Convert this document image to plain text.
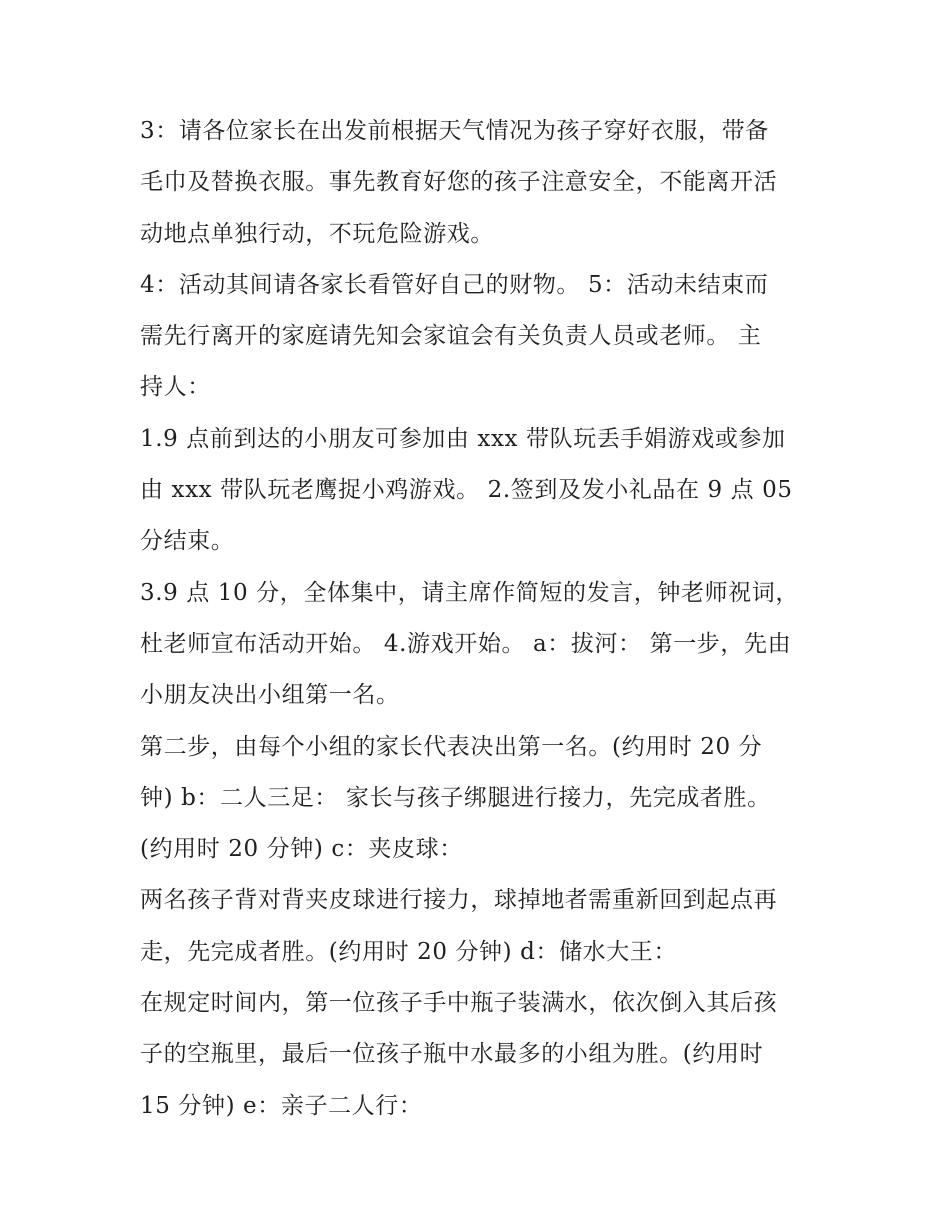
3：请各位家长在出发前根据天气情况为孩子穿好衣服，带备
毛巾及替换衣服。事先教育好您的孩子注意安全，不能离开活
动地点单独行动，不玩危险游戏。
4：活动其间请各家长看管好自己的财物。 5：活动未结束而
需先行离开的家庭请先知会家谊会有关负责人员或老师。 主
持人：
1.9 点前到达的小朋友可参加由 xxx 带队玩丢手娟游戏或参加
由 xxx 带队玩老鹰捉小鸡游戏。 2.签到及发小礼品在 9 点 05
分结束。
3.9 点 10 分，全体集中，请主席作简短的发言，钟老师祝词，
杜老师宣布活动开始。 4.游戏开始。 a：拔河： 第一步，先由
小朋友决出小组第一名。
第二步，由每个小组的家长代表决出第一名。(约用时 20 分
钟) b：二人三足： 家长与孩子绑腿进行接力，先完成者胜。
(约用时 20 分钟) c：夹皮球：
两名孩子背对背夹皮球进行接力，球掉地者需重新回到起点再
走，先完成者胜。(约用时 20 分钟) d：储水大王：
在规定时间内，第一位孩子手中瓶子装满水，依次倒入其后孩
子的空瓶里，最后一位孩子瓶中水最多的小组为胜。(约用时
15 分钟) e：亲子二人行：
